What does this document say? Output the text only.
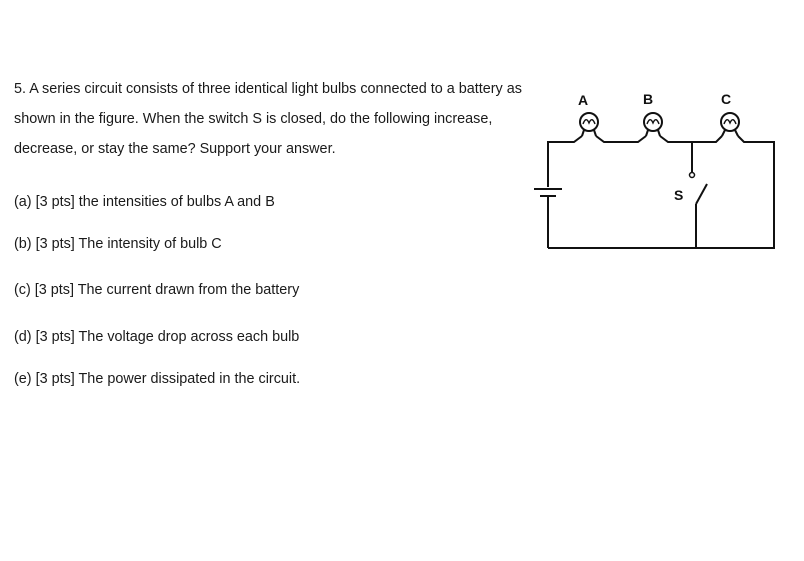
5. A series circuit consists of three identical light bulbs connected to a battery as shown in the figure. When the switch S is closed, do the following increase, decrease, or stay the same? Support your answer.

(a) [3 pts] the intensities of bulbs A and B
(b) [3 pts] The intensity of bulb C
(c) [3 pts] The current drawn from the battery
(d) [3 pts] The voltage drop across each bulb
(e) [3 pts] The power dissipated in the circuit.
A	B	C
S
